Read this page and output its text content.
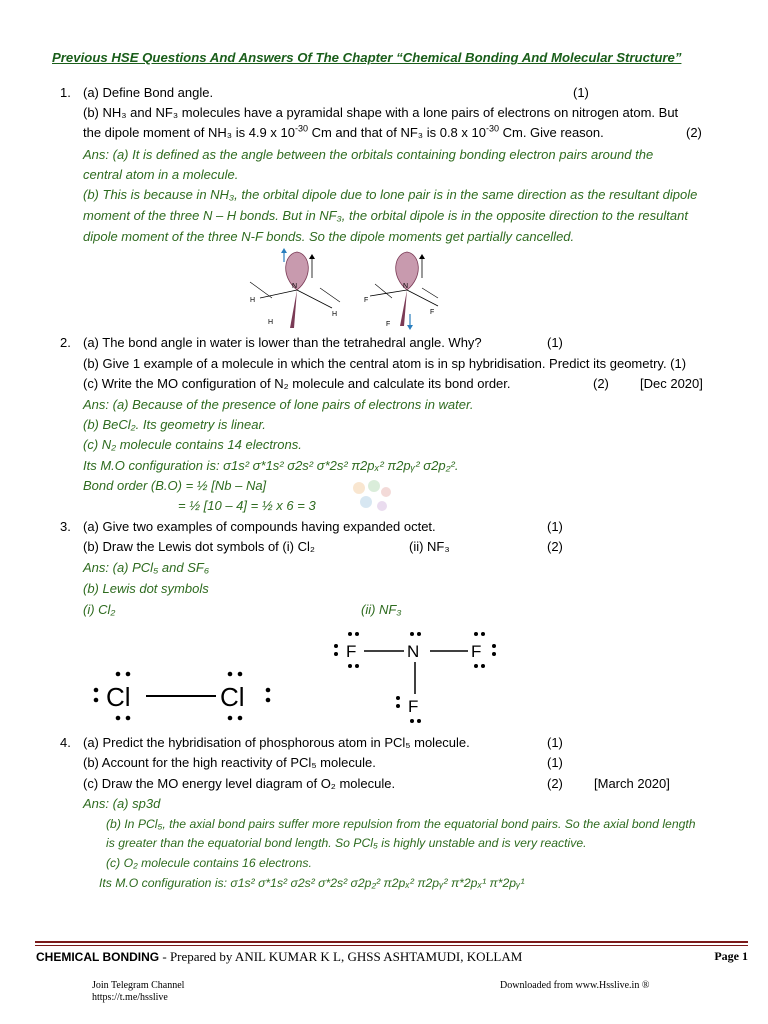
Previous HSE Questions And Answers Of The Chapter “Chemical Bonding And Molecular Structure”
1. (a) Define Bond angle.	(1)
(b) NH₃ and NF₃ molecules have a pyramidal shape with a lone pairs of electrons on nitrogen atom. But
the dipole moment of NH₃ is 4.9 x $10^{-30}$ Cm and that of NF₃ is 0.8 x $10^{-30}$ Cm. Give reason.	(2)
Ans: (a) It is defined as the angle between the orbitals containing bonding electron pairs around the
central atom in a molecule.
(b) This is because in NH₃, the orbital dipole due to lone pair is in the same direction as the resultant dipole
moment of the three N – H bonds. But in NF₃, the orbital dipole is in the opposite direction to the resultant
dipole moment of the three N-F bonds. So the dipole moments get partially cancelled.
N
H
H
H
N
F
F
F
2. (a) The bond angle in water is lower than the tetrahedral angle. Why?	(1)
(b) Give 1 example of a molecule in which the central atom is in sp hybridisation. Predict its geometry. (1)
(c) Write the MO configuration of N₂ molecule and calculate its bond order.	(2) [Dec 2020]
Ans: (a) Because of the presence of lone pairs of electrons in water.
(b) BeCl₂. Its geometry is linear.
(c) N₂ molecule contains 14 electrons.
Its M.O configuration is: σ1s² σ*1s² σ2s² σ*2s² π2pₓ² π2pᵧ² σ2p₂².
Bond order (B.O) = ½ [Nb – Na]
= ½ [10 – 4] = ½ x 6 = 3
3. (a) Give two examples of compounds having expanded octet.	(1)
(b) Draw the Lewis dot symbols of (i) Cl₂	(ii) NF₃	(2)
Ans: (a) PCl₅ and SF₆
(b) Lewis dot symbols
(i) Cl₂	(ii) NF₃
F	N	F
F
Cl	Cl
4. (a) Predict the hybridisation of phosphorous atom in PCl₅ molecule.	(1)
(b) Account for the high reactivity of PCl₅ molecule.	(1)
(c) Draw the MO energy level diagram of O₂ molecule.	(2) [March 2020]
Ans: (a) sp3d
(b) In PCl₅, the axial bond pairs suffer more repulsion from the equatorial bond pairs. So the axial bond length
is greater than the equatorial bond length. So PCl₅ is highly unstable and is very reactive.
(c) O₂ molecule contains 16 electrons.
Its M.O configuration is: σ1s² σ*1s² σ2s² σ*2s² σ2p₂² π2pₓ² π2pᵧ² π*2pₓ¹ π*2pᵧ¹
CHEMICAL BONDING - Prepared by ANIL KUMAR K L, GHSS ASHTAMUDI, KOLLAM	Page 1
Join Telegram Channel
https://t.me/hsslive
Downloaded from www.Hsslive.in ®
